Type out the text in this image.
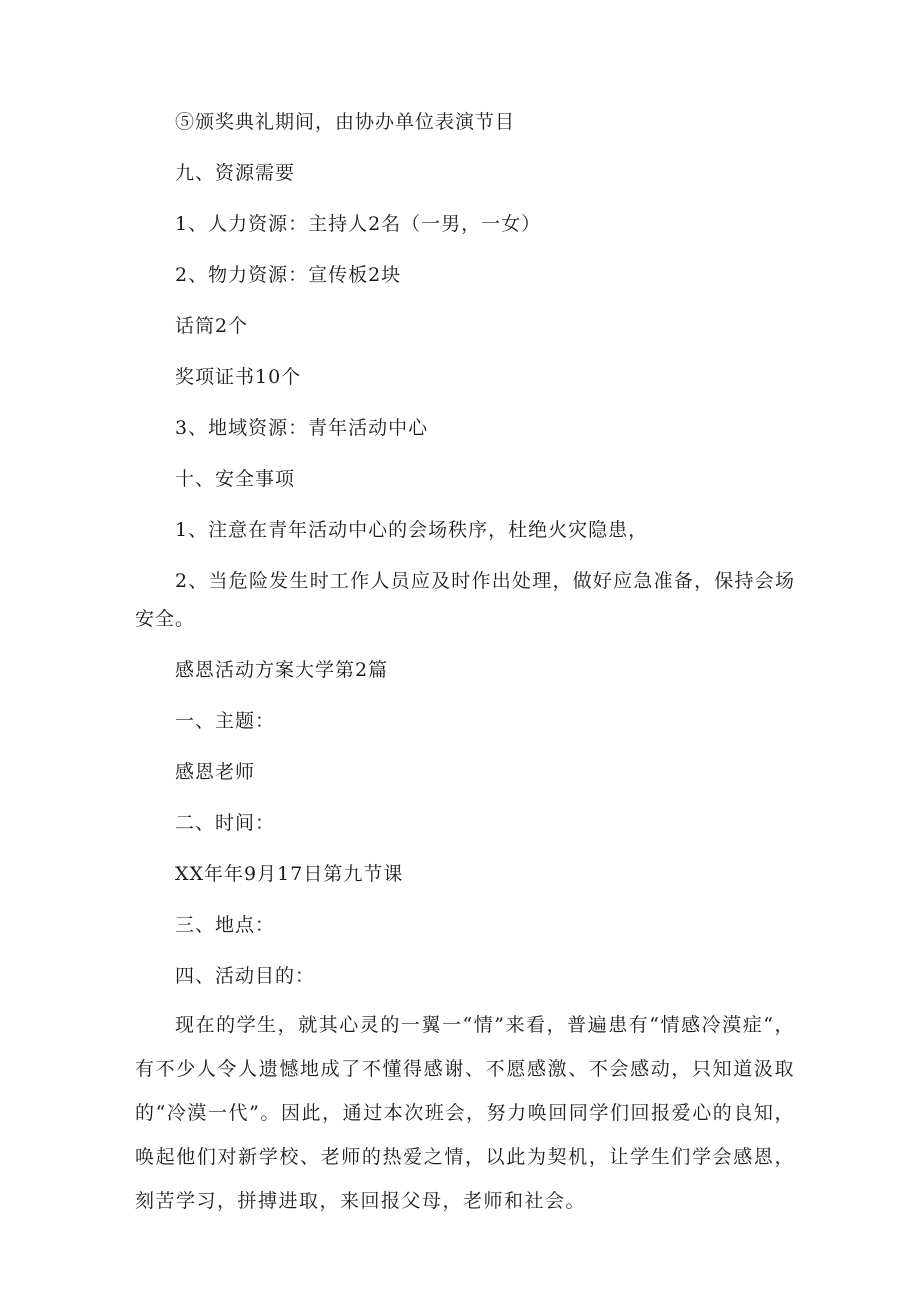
⑤颁奖典礼期间，由协办单位表演节目
九、资源需要
1、人力资源：主持人2名（一男，一女）
2、物力资源：宣传板2块
话筒2个
奖项证书10个
3、地域资源：青年活动中心
十、安全事项
1、注意在青年活动中心的会场秩序，杜绝火灾隐患，
2、当危险发生时工作人员应及时作出处理，做好应急准备，保持会场安全。
感恩活动方案大学第2篇
一、主题：
感恩老师
二、时间：
XX年年9月17日第九节课
三、地点：
四、活动目的：
现在的学生，就其心灵的一翼一“情”来看，普遍患有“情感冷漠症“，有不少人令人遗憾地成了不懂得感谢、不愿感激、不会感动，只知道汲取的“冷漠一代”。因此，通过本次班会，努力唤回同学们回报爱心的良知，唤起他们对新学校、老师的热爱之情，以此为契机，让学生们学会感恩，刻苦学习，拼搏进取，来回报父母，老师和社会。
